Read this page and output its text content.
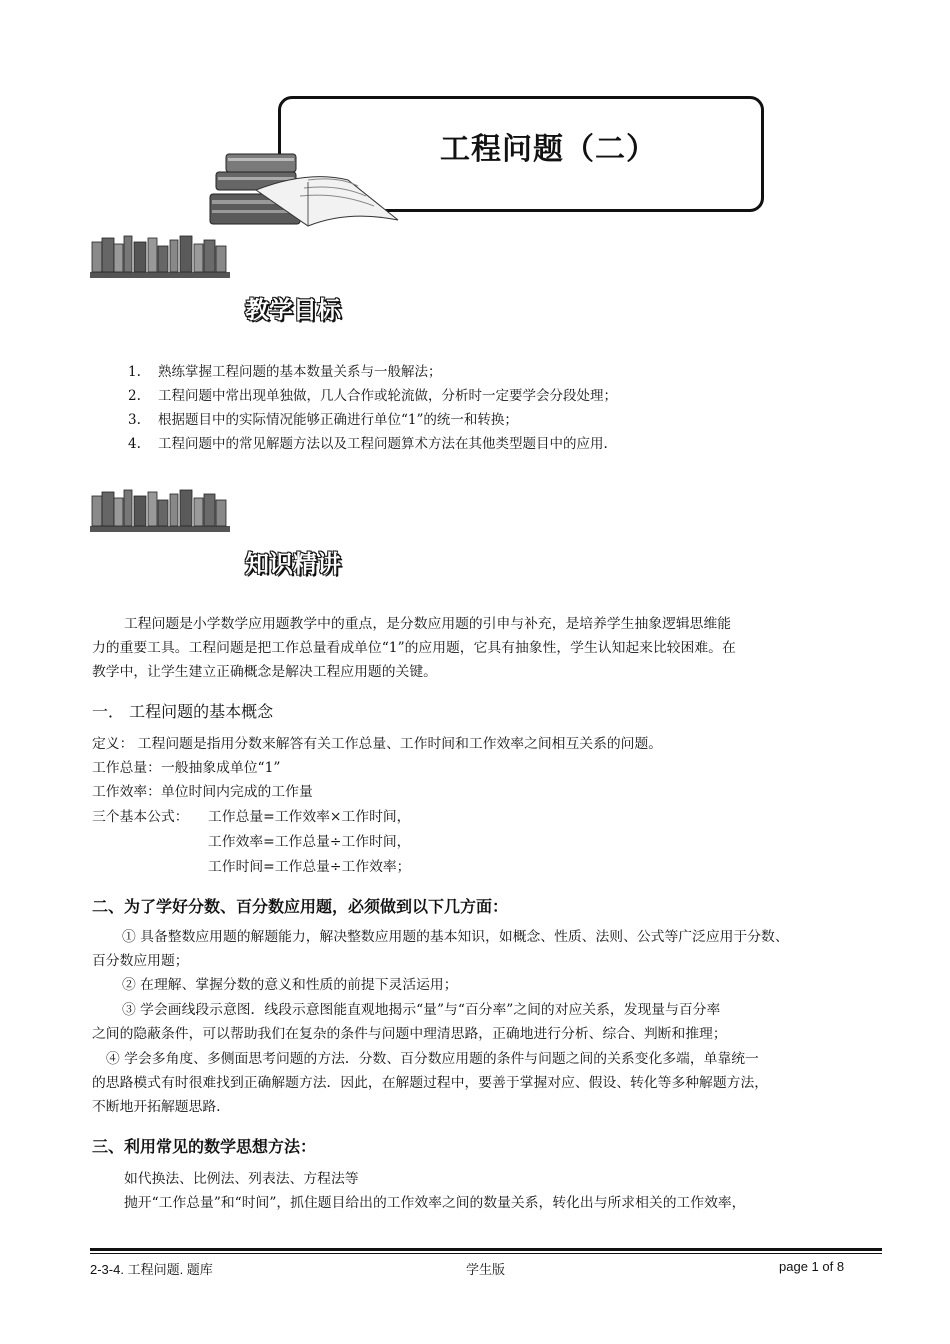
工程问题（二）
教学目标
1. 熟练掌握工程问题的基本数量关系与一般解法；
2. 工程问题中常出现单独做，几人合作或轮流做，分析时一定要学会分段处理；
3. 根据题目中的实际情况能够正确进行单位“1”的统一和转换；
4. 工程问题中的常见解题方法以及工程问题算术方法在其他类型题目中的应用.
知识精讲
工程问题是小学数学应用题教学中的重点，是分数应用题的引申与补充，是培养学生抽象逻辑思维能
力的重要工具。工程问题是把工作总量看成单位“1”的应用题，它具有抽象性，学生认知起来比较困难。在
教学中，让学生建立正确概念是解决工程应用题的关键。
一． 工程问题的基本概念
定义： 工程问题是指用分数来解答有关工作总量、工作时间和工作效率之间相互关系的问题。
工作总量：一般抽象成单位“1”
工作效率：单位时间内完成的工作量
三个基本公式： 工作总量=工作效率×工作时间，
工作效率=工作总量÷工作时间，
工作时间=工作总量÷工作效率；
二、为了学好分数、百分数应用题，必须做到以下几方面：
① 具备整数应用题的解题能力，解决整数应用题的基本知识，如概念、性质、法则、公式等广泛应用于分数、
百分数应用题；
② 在理解、掌握分数的意义和性质的前提下灵活运用；
③ 学会画线段示意图．线段示意图能直观地揭示“量”与“百分率”之间的对应关系，发现量与百分率
之间的隐蔽条件，可以帮助我们在复杂的条件与问题中理清思路，正确地进行分析、综合、判断和推理；
④ 学会多角度、多侧面思考问题的方法．分数、百分数应用题的条件与问题之间的关系变化多端，单靠统一
的思路模式有时很难找到正确解题方法．因此，在解题过程中，要善于掌握对应、假设、转化等多种解题方法，
不断地开拓解题思路.
三、利用常见的数学思想方法：
如代换法、比例法、列表法、方程法等
抛开“工作总量”和“时间”，抓住题目给出的工作效率之间的数量关系，转化出与所求相关的工作效率，
2-3-4. 工程问题. 题库	学生版	page 1 of 8
